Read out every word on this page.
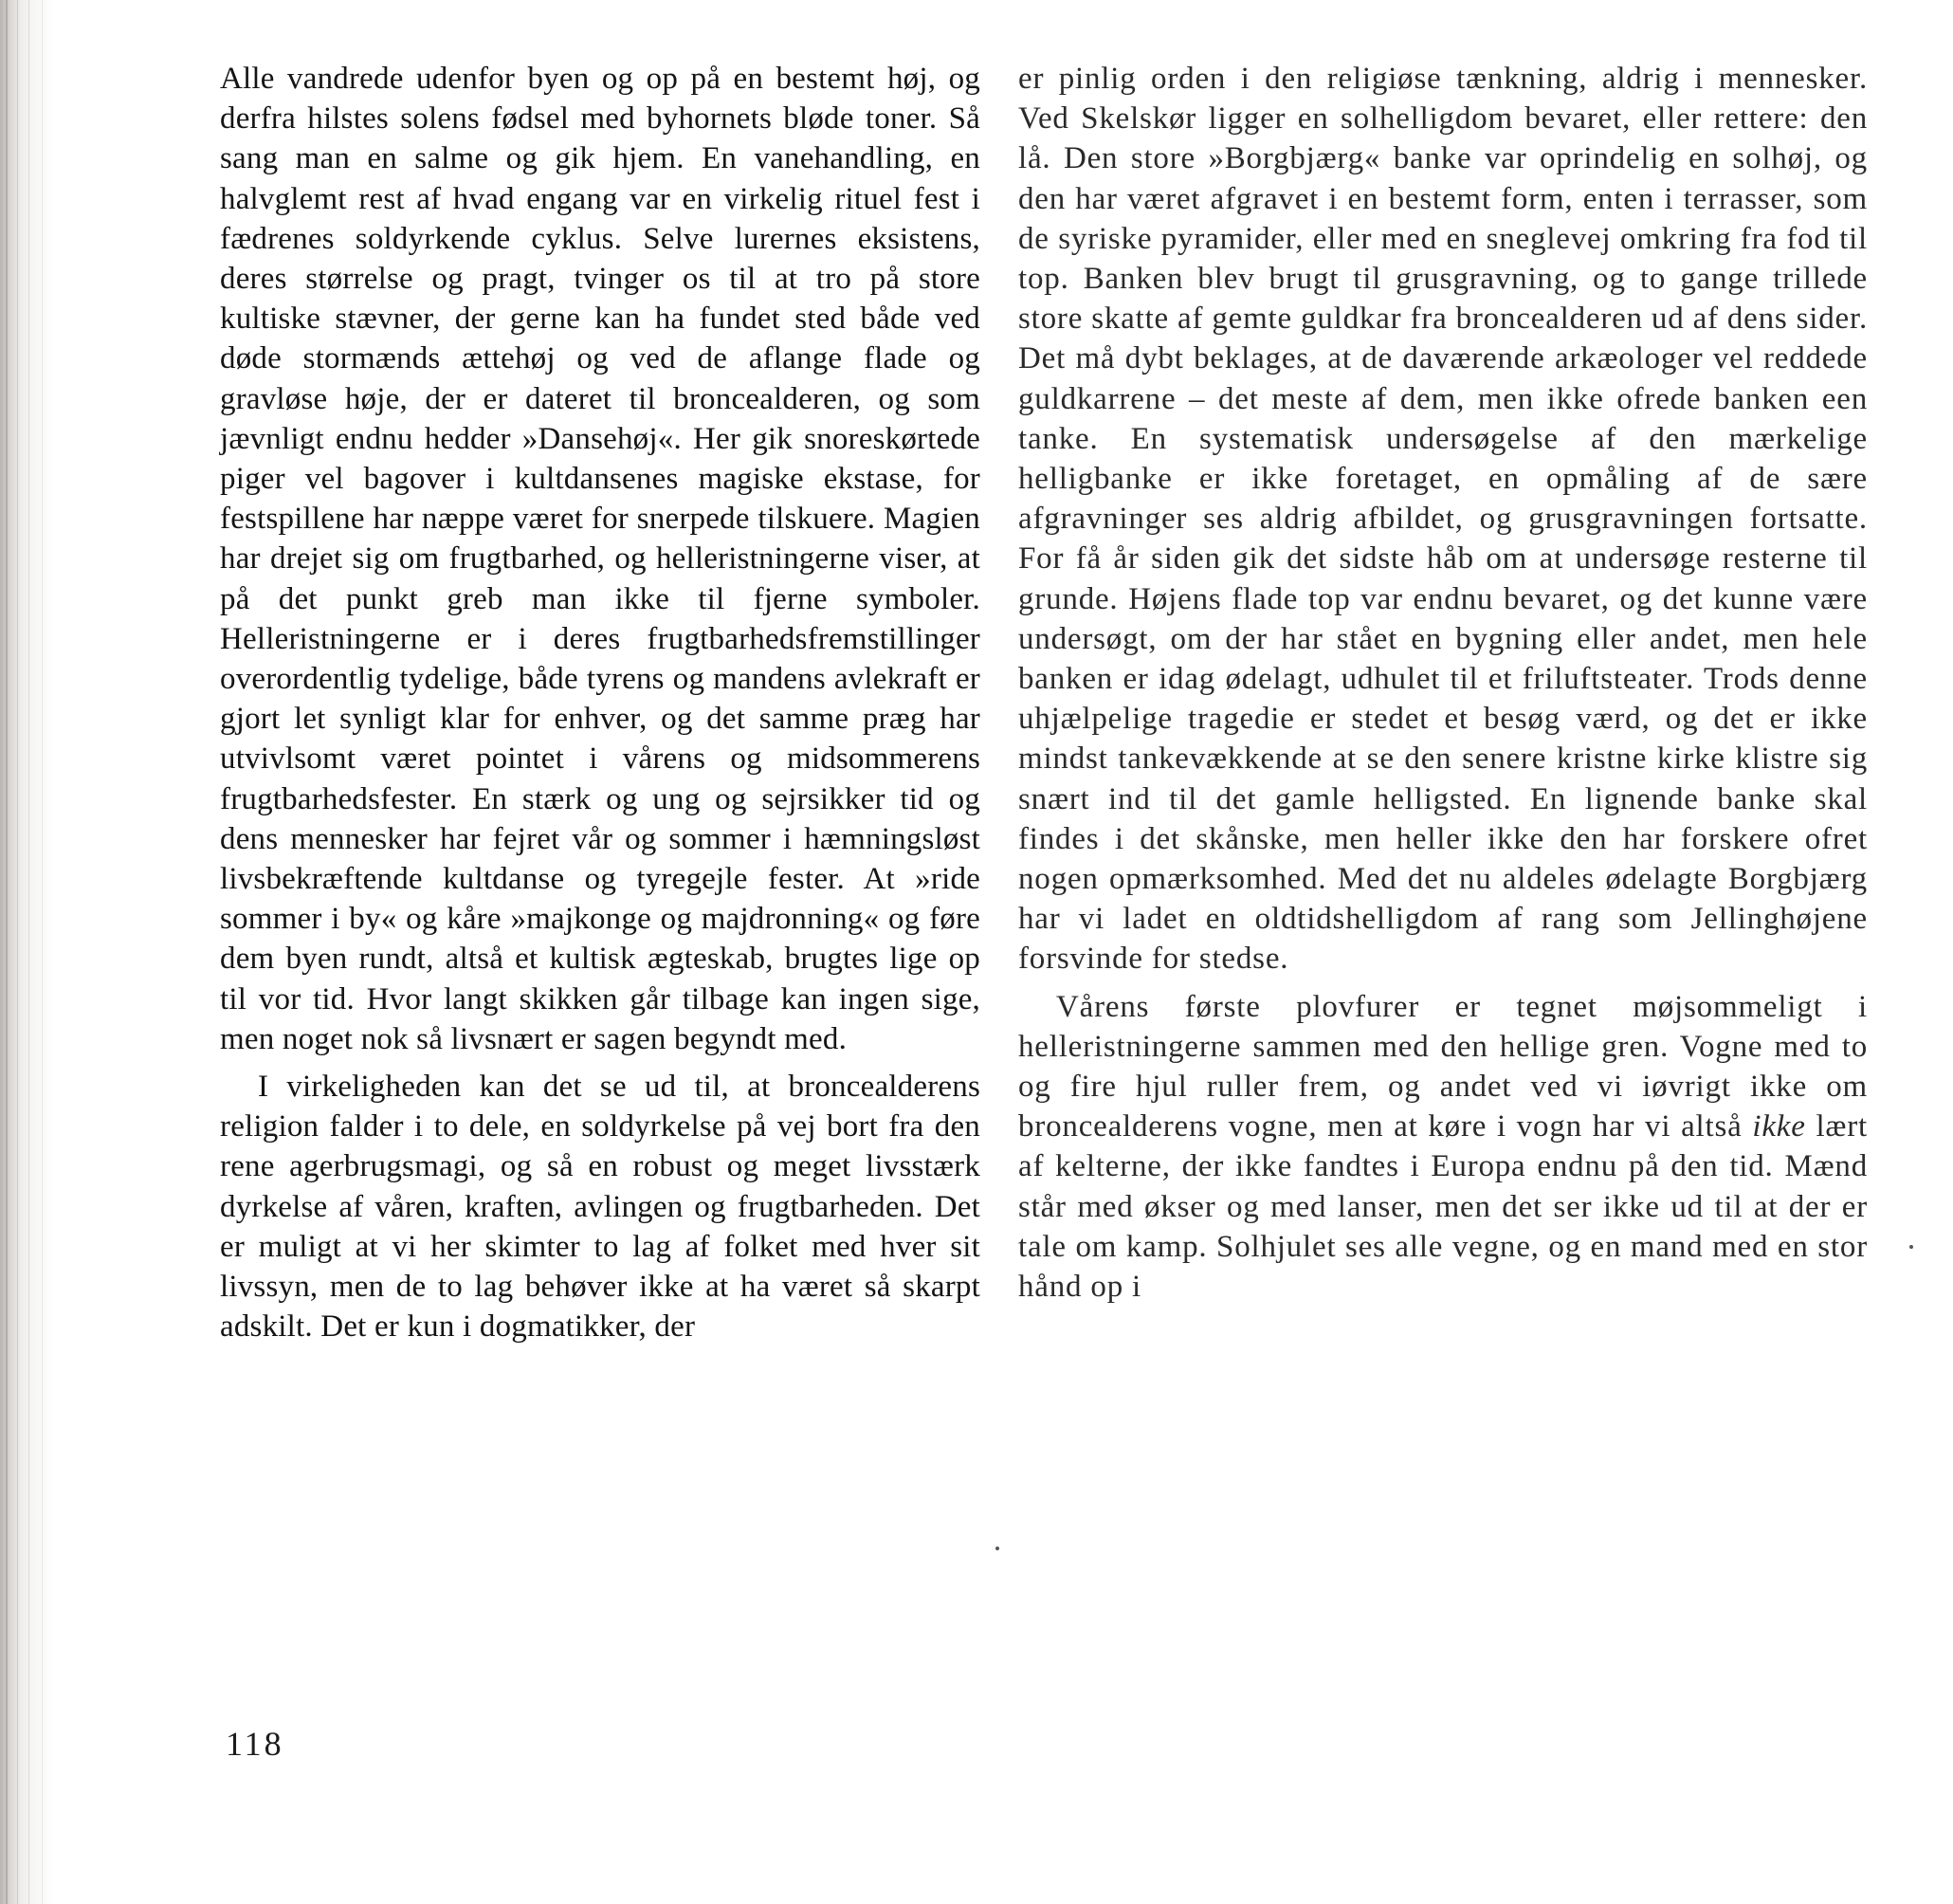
Alle vandrede udenfor byen og op på en bestemt høj, og derfra hilstes solens fødsel med byhornets bløde toner. Så sang man en salme og gik hjem. En vanehandling, en halvglemt rest af hvad engang var en virkelig rituel fest i fædrenes soldyrkende cyklus. Selve lurernes eksistens, deres størrelse og pragt, tvinger os til at tro på store kultiske stævner, der gerne kan ha fundet sted både ved døde stormænds ættehøj og ved de aflange flade og gravløse høje, der er dateret til broncealderen, og som jævnligt endnu hedder »Dansehøj«. Her gik snoreskørtede piger vel bagover i kultdansenes magiske ekstase, for festspillene har næppe været for snerpede tilskuere. Magien har drejet sig om frugtbarhed, og helleristningerne viser, at på det punkt greb man ikke til fjerne symboler. Helleristningerne er i deres frugtbarhedsfremstillinger overordentlig tydelige, både tyrens og mandens avlekraft er gjort let synligt klar for enhver, og det samme præg har utvivlsomt været pointet i vårens og midsommerens frugtbarhedsfester. En stærk og ung og sejrsikker tid og dens mennesker har fejret vår og sommer i hæmningsløst livsbekræftende kultdanse og tyregejle fester. At »ride sommer i by« og kåre »majkonge og majdronning« og føre dem byen rundt, altså et kultisk ægteskab, brugtes lige op til vor tid. Hvor langt skikken går tilbage kan ingen sige, men noget nok så livsnært er sagen begyndt med.

I virkeligheden kan det se ud til, at broncealderens religion falder i to dele, en soldyrkelse på vej bort fra den rene agerbrugsmagi, og så en robust og meget livsstærk dyrkelse af våren, kraften, avlingen og frugtbarheden. Det er muligt at vi her skimter to lag af folket med hver sit livssyn, men de to lag behøver ikke at ha været så skarpt adskilt. Det er kun i dogmatikker, der

er pinlig orden i den religiøse tænkning, aldrig i mennesker. Ved Skelskør ligger en solhelligdom bevaret, eller rettere: den lå. Den store »Borgbjærg« banke var oprindelig en solhøj, og den har været afgravet i en bestemt form, enten i terrasser, som de syriske pyramider, eller med en sneglevej omkring fra fod til top. Banken blev brugt til grusgravning, og to gange trillede store skatte af gemte guldkar fra broncealderen ud af dens sider. Det må dybt beklages, at de daværende arkæologer vel reddede guldkarrene – det meste af dem, men ikke ofrede banken een tanke. En systematisk undersøgelse af den mærkelige helligbanke er ikke foretaget, en opmåling af de sære afgravninger ses aldrig afbildet, og grusgravningen fortsatte. For få år siden gik det sidste håb om at undersøge resterne til grunde. Højens flade top var endnu bevaret, og det kunne være undersøgt, om der har stået en bygning eller andet, men hele banken er idag ødelagt, udhulet til et friluftsteater. Trods denne uhjælpelige tragedie er stedet et besøg værd, og det er ikke mindst tankevækkende at se den senere kristne kirke klistre sig snært ind til det gamle helligsted. En lignende banke skal findes i det skånske, men heller ikke den har forskere ofret nogen opmærksomhed. Med det nu aldeles ødelagte Borgbjærg har vi ladet en oldtidshelligdom af rang som Jellinghøjene forsvinde for stedse.

Vårens første plovfurer er tegnet møjsommeligt i helleristningerne sammen med den hellige gren. Vogne med to og fire hjul ruller frem, og andet ved vi iøvrigt ikke om broncealderens vogne, men at køre i vogn har vi altså ikke lært af kelterne, der ikke fandtes i Europa endnu på den tid. Mænd står med økser og med lanser, men det ser ikke ud til at der er tale om kamp. Solhjulet ses alle vegne, og en mand med en stor hånd op i

118
